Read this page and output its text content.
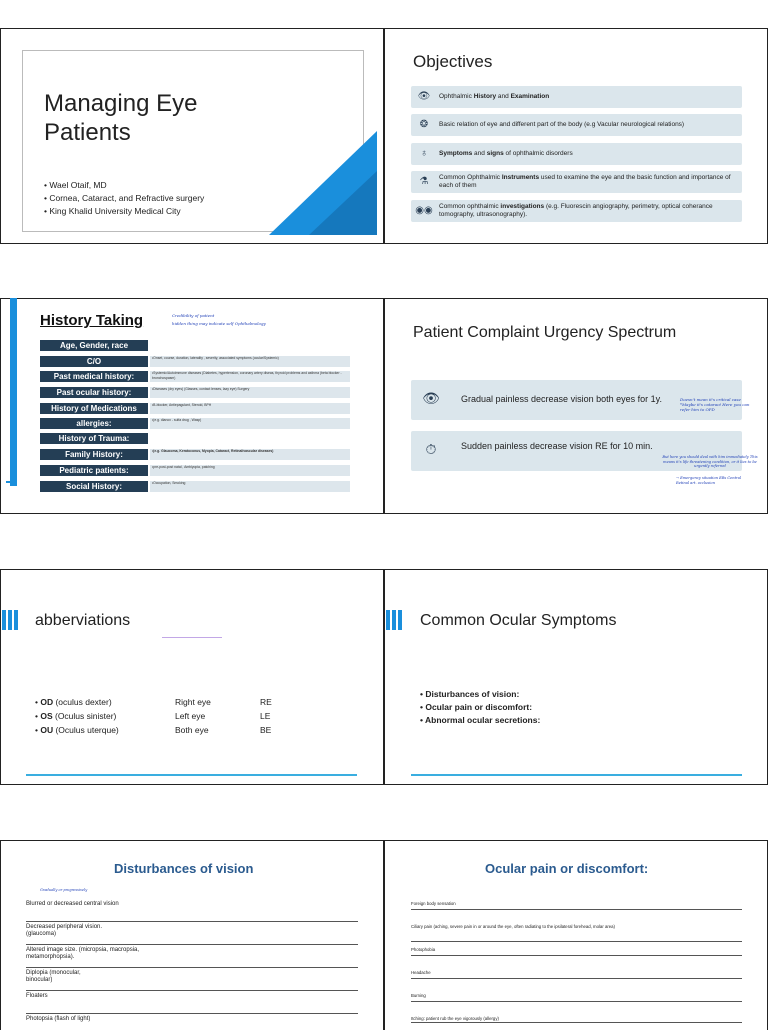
Managing Eye
Patients
• Wael Otaif, MD
• Cornea, Cataract, and Refractive surgery
• King Khalid University Medical City
Objectives
👁	Ophthalmic History and Examination
❂	Basic relation of eye and different part of the body (e.g Vacular neurological relations)
♁	Symptoms and signs of ophthalmic disorders
⚗	Common Ophthalmic Instruments used to examine the eye and the basic function and importance of each of them
◉◉ Common ophthalmic investigations (e.g. Fluorescin angiography, perimetry, optical coherance tomography, ultrasonography).
History Taking	Credibility of patient
hidden thing may indicate self Ophthalmology
Age, Gender, race
C/O	•Onset, course, duration, laterality , severity, associated symptoms (ocular/Systemic)
Past medical history:	•Systemic/Autoimmune diseases (Diabetes, hypertension, coronary artery diseas, thyroid problems and asthma (beta blocker - bronchospasm)
Past ocular history:	•Diseases (dry eyes) (Glasses, contact lenses, lazy eye) Surgery
History of Medications	•B-blocker, Antiepagulant, Steroid, BPH
allergies:	•(e.g. dianox - sulfa drug , Wasp)
History of Trauma:
Family History:	•(e.g. Glaucoma, Keratoconus, Myopia, Cataract, Retinal/vascular diseases)
Pediatric patients:	•pre-post-post natal , Amblyopia, patching
Social History:	•Occupation, Smoking
Patient Complaint Urgency Spectrum
👁 Gradual painless decrease vision both eyes for 1y.	Doesn't mean it's critical case *Maybe it's cataract Here you can refer him to OPD
⏱	Sudden painless decrease vision RE for 10 min.
But here you should deal with him immediately This means it's life threatening condition, or it lies to be urgently referred
→ Emergency situation ERs Central Retinal art. occlusion
abberviations
• OD (oculus dexter)	Right eye	RE
• OS (Oculus sinister)	Left eye	LE
• OU (Oculus uterque)	Both eye	BE
Common Ocular Symptoms
• Disturbances of vision:
• Ocular pain or discomfort:
• Abnormal ocular secretions:
Disturbances of vision
Gradually or progressively
Blurred or decreased central vision
Decreased peripheral vision. (glaucoma)
Altered image size. (micropsia, macropsia, metamorphopsia).
Diplopia (monocular, binocular)
Floaters
Photopsia (flash of light)
Ocular pain or discomfort:
Foreign body sensation
Ciliary pain (aching, severe pain in or around the eye, often radiating to the ipsilateral forehead, molar area)
Photophobia
Headache
Burning
Itching: patient rub the eye vigorously (allergy)
